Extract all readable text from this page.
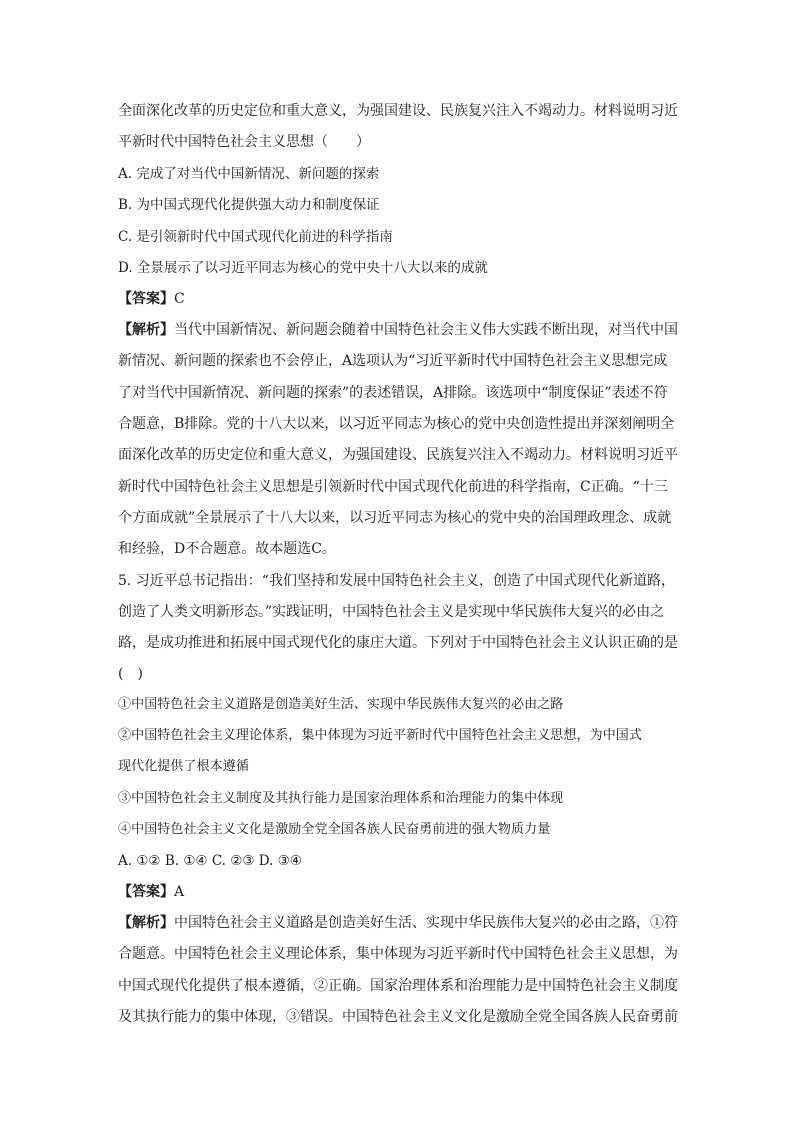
全面深化改革的历史定位和重大意义，为强国建设、民族复兴注入不竭动力。材料说明习近
平新时代中国特色社会主义思想（　　）
A. 完成了对当代中国新情况、新问题的探索
B. 为中国式现代化提供强大动力和制度保证
C. 是引领新时代中国式现代化前进的科学指南
D. 全景展示了以习近平同志为核心的党中央十八大以来的成就
【答案】C
【解析】当代中国新情况、新问题会随着中国特色社会主义伟大实践不断出现，对当代中国
新情况、新问题的探索也不会停止，A选项认为“习近平新时代中国特色社会主义思想完成
了对当代中国新情况、新问题的探索”的表述错误，A排除。该选项中“制度保证”表述不符
合题意，B排除。党的十八大以来，以习近平同志为核心的党中央创造性提出并深刻阐明全
面深化改革的历史定位和重大意义，为强国建设、民族复兴注入不竭动力。材料说明习近平
新时代中国特色社会主义思想是引领新时代中国式现代化前进的科学指南，C正确。“十三
个方面成就”全景展示了十八大以来，以习近平同志为核心的党中央的治国理政理念、成就
和经验，D不合题意。故本题选C。
5. 习近平总书记指出：“我们坚持和发展中国特色社会主义，创造了中国式现代化新道路，
创造了人类文明新形态。”实践证明，中国特色社会主义是实现中华民族伟大复兴的必由之
路，是成功推进和拓展中国式现代化的康庄大道。下列对于中国特色社会主义认识正确的是
(　)
①中国特色社会主义道路是创造美好生活、实现中华民族伟大复兴的必由之路
②中国特色社会主义理论体系，集中体现为习近平新时代中国特色社会主义思想，为中国式
现代化提供了根本遵循
③中国特色社会主义制度及其执行能力是国家治理体系和治理能力的集中体现
④中国特色社会主义文化是激励全党全国各族人民奋勇前进的强大物质力量
A. ①② B. ①④ C. ②③ D. ③④
【答案】A
【解析】中国特色社会主义道路是创造美好生活、实现中华民族伟大复兴的必由之路，①符
合题意。中国特色社会主义理论体系，集中体现为习近平新时代中国特色社会主义思想，为
中国式现代化提供了根本遵循，②正确。国家治理体系和治理能力是中国特色社会主义制度
及其执行能力的集中体现，③错误。中国特色社会主义文化是激励全党全国各族人民奋勇前
